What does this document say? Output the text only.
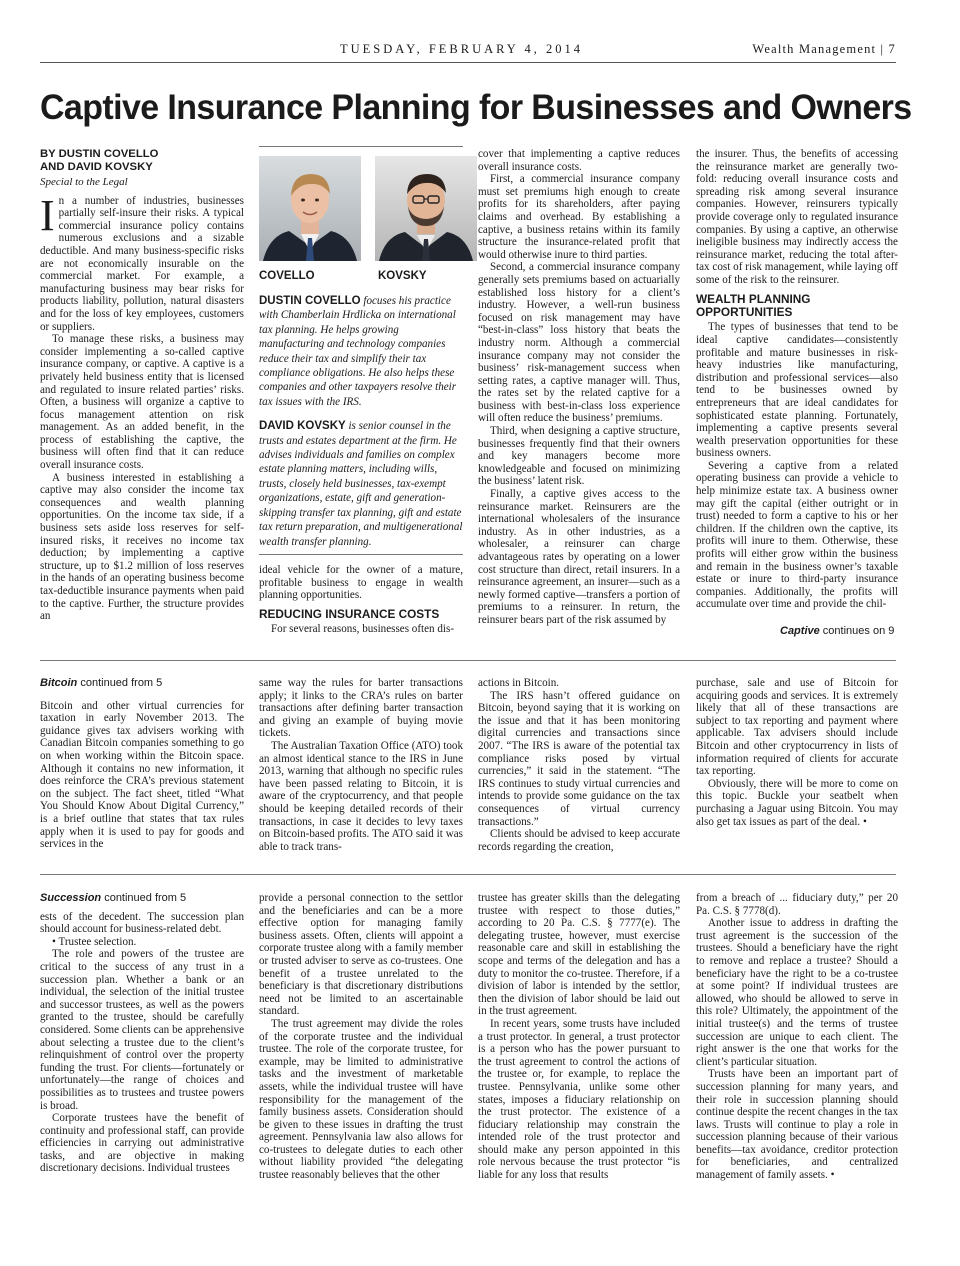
TUESDAY, FEBRUARY 4, 2014	Wealth Management | 7
Captive Insurance Planning for Businesses and Owners
BY DUSTIN COVELLO
AND DAVID KOVSKY
Special to the Legal

In a number of industries, businesses partially self-insure their risks. A typical commercial insurance policy contains numerous exclusions and a sizable deductible. And many business-specific risks are not economically insurable on the commercial market. For example, a manufacturing business may bear risks for products liability, pollution, natural disasters and for the loss of key employees, customers or suppliers.

To manage these risks, a business may consider implementing a so-called captive insurance company, or captive. A captive is a privately held business entity that is licensed and regulated to insure related parties’ risks. Often, a business will organize a captive to focus management attention on risk management. As an added benefit, in the process of establishing the captive, the business will often find that it can reduce overall insurance costs.

A business interested in establishing a captive may also consider the income tax consequences and wealth planning opportunities. On the income tax side, if a business sets aside loss reserves for self-insured risks, it receives no income tax deduction; by implementing a captive structure, up to $1.2 million of loss reserves in the hands of an operating business become tax-deductible insurance payments when paid to the captive. Further, the structure provides an

COVELLO	KOVSKY
DUSTIN COVELLO focuses his practice with Chamberlain Hrdlicka on international tax planning. He helps growing manufacturing and technology companies reduce their tax and simplify their tax compliance obligations. He also helps these companies and other taxpayers resolve their tax issues with the IRS.
DAVID KOVSKY is senior counsel in the trusts and estates department at the firm. He advises individuals and families on complex estate planning matters, including wills, trusts, closely held businesses, tax-exempt organizations, estate, gift and generation-skipping transfer tax planning, gift and estate tax return preparation, and multigenerational wealth transfer planning.

ideal vehicle for the owner of a mature, profitable business to engage in wealth planning opportunities.

REDUCING INSURANCE COSTS

For several reasons, businesses often dis-

cover that implementing a captive reduces overall insurance costs.

First, a commercial insurance company must set premiums high enough to create profits for its shareholders, after paying claims and overhead. By establishing a captive, a business retains within its family structure the insurance-related profit that would otherwise inure to third parties.

Second, a commercial insurance company generally sets premiums based on actuarially established loss history for a client’s industry. However, a well-run business focused on risk management may have “best-in-class” loss history that beats the industry norm. Although a commercial insurance company may not consider the business’ risk-management success when setting rates, a captive manager will. Thus, the rates set by the related captive for a business with best-in-class loss experience will often reduce the business’ premiums.

Third, when designing a captive structure, businesses frequently find that their owners and key managers become more knowledgeable and focused on minimizing the business’ latent risk.

Finally, a captive gives access to the reinsurance market. Reinsurers are the international wholesalers of the insurance industry. As in other industries, as a wholesaler, a reinsurer can charge advantageous rates by operating on a lower cost structure than direct, retail insurers. In a reinsurance agreement, an insurer—such as a newly formed captive—transfers a portion of premiums to a reinsurer. In return, the reinsurer bears part of the risk assumed by

the insurer. Thus, the benefits of accessing the reinsurance market are generally two-fold: reducing overall insurance costs and spreading risk among several insurance companies. However, reinsurers typically provide coverage only to regulated insurance companies. By using a captive, an otherwise ineligible business may indirectly access the reinsurance market, reducing the total after-tax cost of risk management, while laying off some of the risk to the reinsurer.

WEALTH PLANNING OPPORTUNITIES

The types of businesses that tend to be ideal captive candidates—consistently profitable and mature businesses in risk-heavy industries like manufacturing, distribution and professional services—also tend to be businesses owned by entrepreneurs that are ideal candidates for sophisticated estate planning. Fortunately, implementing a captive presents several wealth preservation opportunities for these business owners.

Severing a captive from a related operating business can provide a vehicle to help minimize estate tax. A business owner may gift the capital (either outright or in trust) needed to form a captive to his or her children. If the children own the captive, its profits will inure to them. Otherwise, these profits will either grow within the business and remain in the business owner’s taxable estate or inure to third-party insurance companies. Additionally, the profits will accumulate over time and provide the chil-

Captive continues on 9
Bitcoin continued from 5

Bitcoin and other virtual currencies for taxation in early November 2013. The guidance gives tax advisers working with Canadian Bitcoin companies something to go on when working within the Bitcoin space. Although it contains no new information, it does reinforce the CRA’s previous statement on the subject. The fact sheet, titled “What You Should Know About Digital Currency,” is a brief outline that states that tax rules apply when it is used to pay for goods and services in the

same way the rules for barter transactions apply; it links to the CRA’s rules on barter transactions after defining barter transaction and giving an example of buying movie tickets.

The Australian Taxation Office (ATO) took an almost identical stance to the IRS in June 2013, warning that although no specific rules have been passed relating to Bitcoin, it is aware of the cryptocurrency, and that people should be keeping detailed records of their transactions, in case it decides to levy taxes on Bitcoin-based profits. The ATO said it was able to track trans-

actions in Bitcoin.

The IRS hasn’t offered guidance on Bitcoin, beyond saying that it is working on the issue and that it has been monitoring digital currencies and transactions since 2007. “The IRS is aware of the potential tax compliance risks posed by virtual currencies,” it said in the statement. “The IRS continues to study virtual currencies and intends to provide some guidance on the tax consequences of virtual currency transactions.”

Clients should be advised to keep accurate records regarding the creation,

purchase, sale and use of Bitcoin for acquiring goods and services. It is extremely likely that all of these transactions are subject to tax reporting and payment where applicable. Tax advisers should include Bitcoin and other cryptocurrency in lists of information required of clients for accurate tax reporting.

Obviously, there will be more to come on this topic. Buckle your seatbelt when purchasing a Jaguar using Bitcoin. You may also get tax issues as part of the deal. •

Succession continued from 5

ests of the decedent. The succession plan should account for business-related debt.

• Trustee selection.

The role and powers of the trustee are critical to the success of any trust in a succession plan. Whether a bank or an individual, the selection of the initial trustee and successor trustees, as well as the powers granted to the trustee, should be carefully considered. Some clients can be apprehensive about selecting a trustee due to the client’s relinquishment of control over the property funding the trust. For clients—fortunately or unfortunately—the range of choices and possibilities as to trustees and trustee powers is broad.

Corporate trustees have the benefit of continuity and professional staff, can provide efficiencies in carrying out administrative tasks, and are objective in making discretionary decisions. Individual trustees

provide a personal connection to the settlor and the beneficiaries and can be a more effective option for managing family business assets. Often, clients will appoint a corporate trustee along with a family member or trusted adviser to serve as co-trustees. One benefit of a trustee unrelated to the beneficiary is that discretionary distributions need not be limited to an ascertainable standard.

The trust agreement may divide the roles of the corporate trustee and the individual trustee. The role of the corporate trustee, for example, may be limited to administrative tasks and the investment of marketable assets, while the individual trustee will have responsibility for the management of the family business assets. Consideration should be given to these issues in drafting the trust agreement. Pennsylvania law also allows for co-trustees to delegate duties to each other without liability provided “the delegating trustee reasonably believes that the other

trustee has greater skills than the delegating trustee with respect to those duties,” according to 20 Pa. C.S. § 7777(e). The delegating trustee, however, must exercise reasonable care and skill in establishing the scope and terms of the delegation and has a duty to monitor the co-trustee. Therefore, if a division of labor is intended by the settlor, then the division of labor should be laid out in the trust agreement.

In recent years, some trusts have included a trust protector. In general, a trust protector is a person who has the power pursuant to the trust agreement to control the actions of the trustee or, for example, to replace the trustee. Pennsylvania, unlike some other states, imposes a fiduciary relationship on the trust protector. The existence of a fiduciary relationship may constrain the intended role of the trust protector and should make any person appointed in this role nervous because the trust protector “is liable for any loss that results

from a breach of ... fiduciary duty,” per 20 Pa. C.S. § 7778(d).

Another issue to address in drafting the trust agreement is the succession of the trustees. Should a beneficiary have the right to remove and replace a trustee? Should a beneficiary have the right to be a co-trustee at some point? If individual trustees are allowed, who should be allowed to serve in this role? Ultimately, the appointment of the initial trustee(s) and the terms of trustee succession are unique to each client. The right answer is the one that works for the client’s particular situation.

Trusts have been an important part of succession planning for many years, and their role in succession planning should continue despite the recent changes in the tax laws. Trusts will continue to play a role in succession planning because of their various benefits—tax avoidance, creditor protection for beneficiaries, and centralized management of family assets. •
